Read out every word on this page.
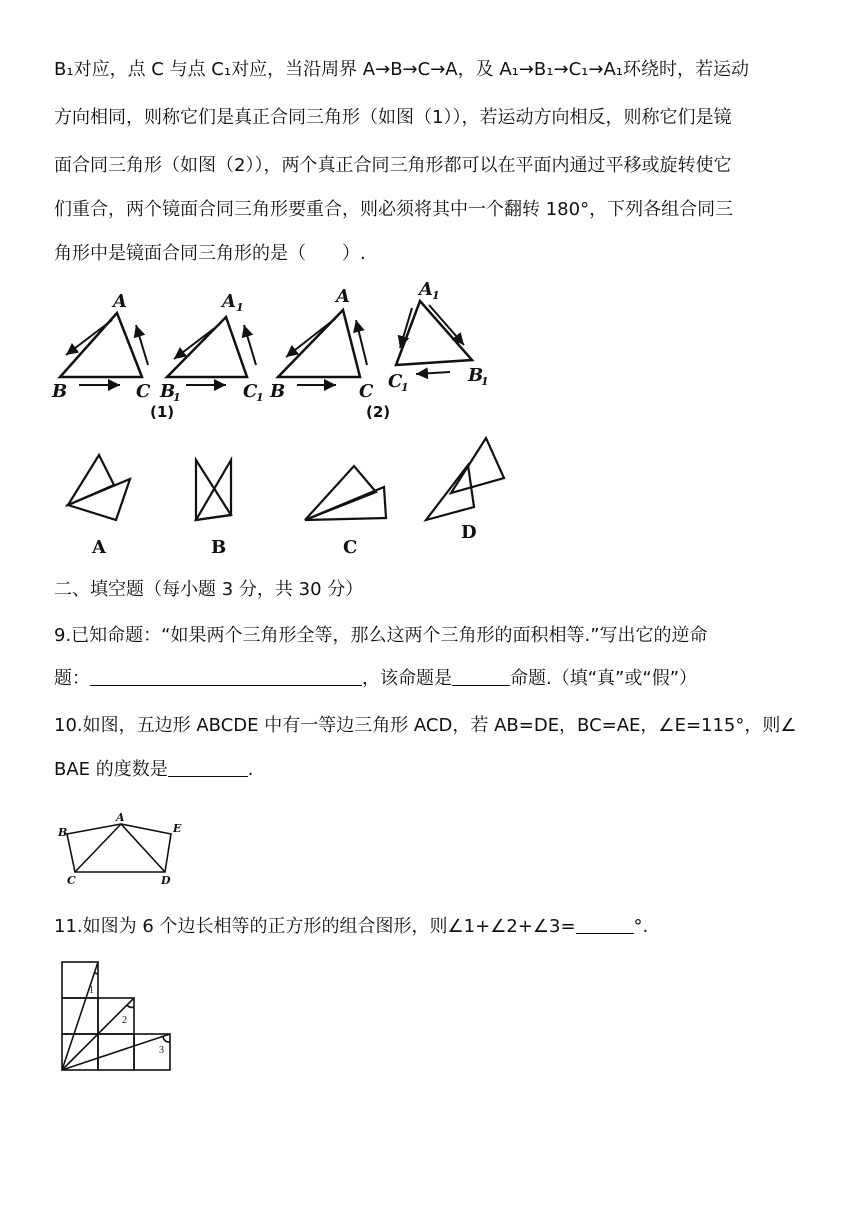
B₁对应，点 C 与点 C₁对应，当沿周界 A→B→C→A，及 A₁→B₁→C₁→A₁环绕时，若运动
方向相同，则称它们是真正合同三角形（如图（1）），若运动方向相反，则称它们是镜
面合同三角形（如图（2）），两个真正合同三角形都可以在平面内通过平移或旋转使它
们重合，两个镜面合同三角形要重合，则必须将其中一个翻转 180°，下列各组合同三
角形中是镜面合同三角形的是（　　）.
A
B	C
A 1
B
1	C
1
A
B	C
A 1
C
1
B
1
(1)	(2)
A	B	C
D
二、填空题（每小题 3 分，共 30 分）
9.已知命题：“如果两个三角形全等，那么这两个三角形的面积相等.”写出它的逆命
题：	，该命题是	命题.（填“真”或“假”）
10.如图，五边形 ABCDE 中有一等边三角形 ACD，若 AB=DE，BC=AE，∠E=115°，则∠
BAE 的度数是	.
A
B
C	D
E
11.如图为 6 个边长相等的正方形的组合图形，则∠1+∠2+∠3=	°.
1
2
3
